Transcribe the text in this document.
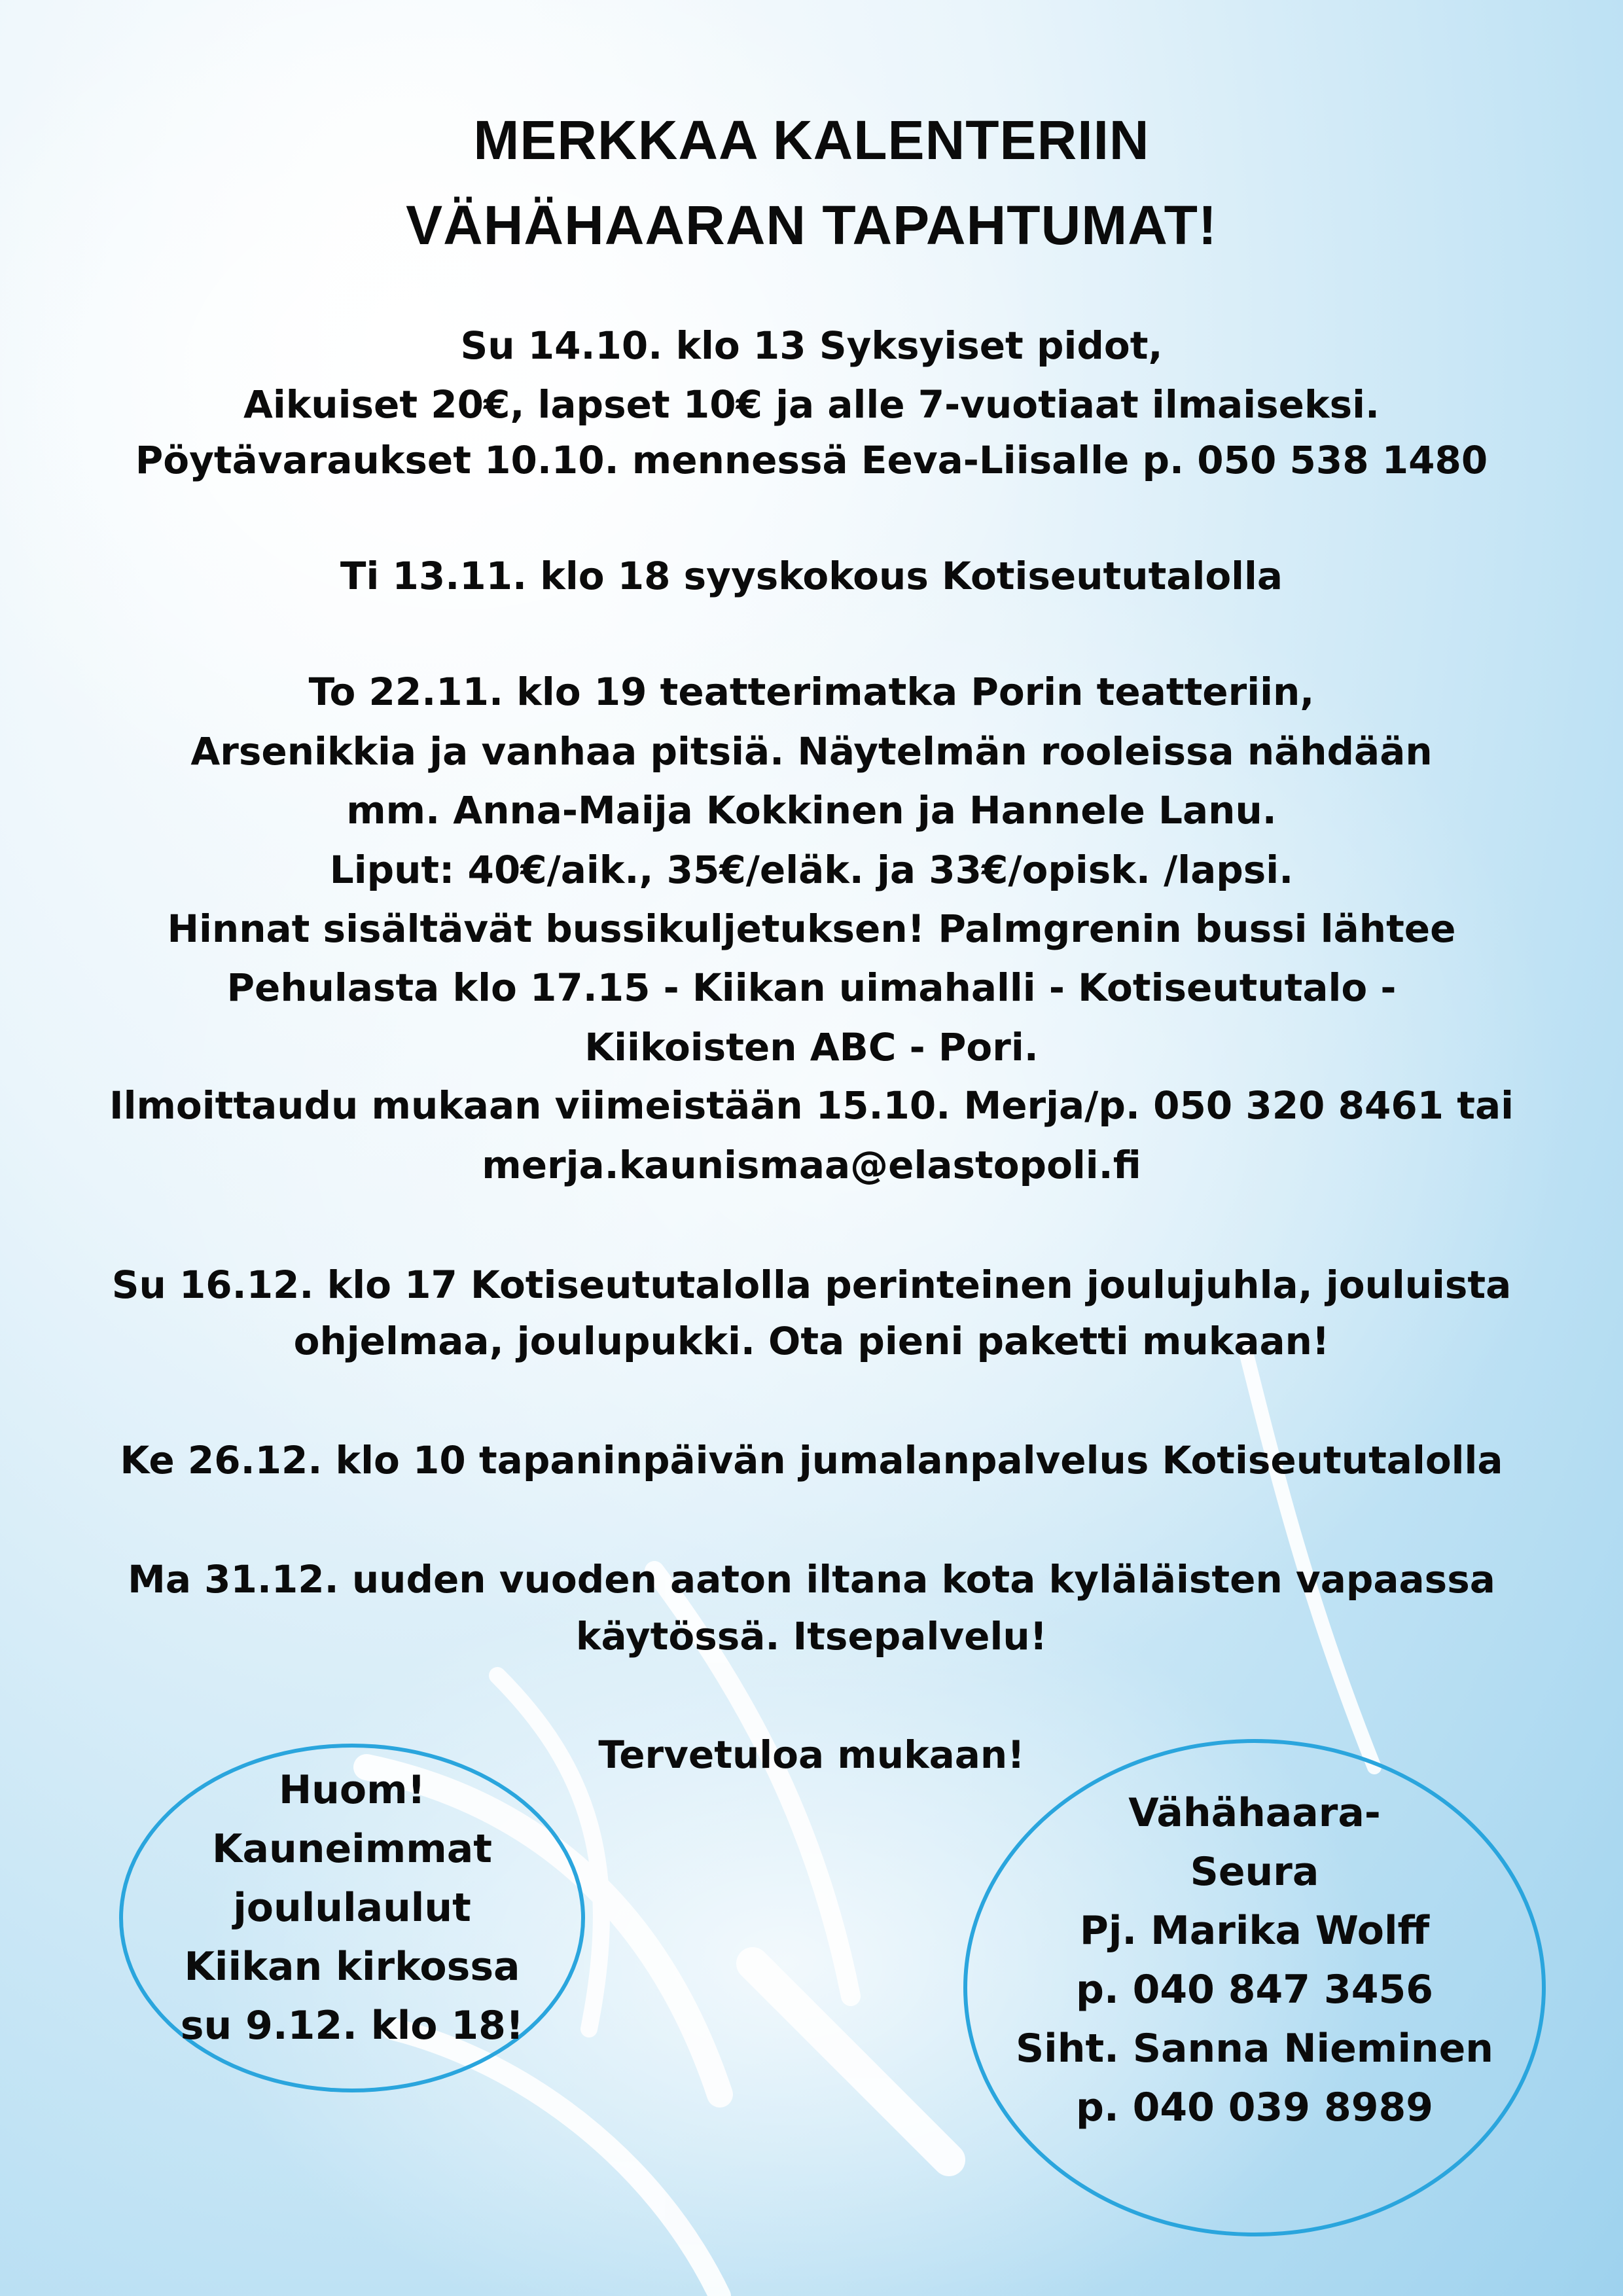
MERKKAA KALENTERIIN
VÄHÄHAARAN TAPAHTUMAT!
Su 14.10. klo 13 Syksyiset pidot,
Aikuiset 20€, lapset 10€ ja alle 7-vuotiaat ilmaiseksi.
Pöytävaraukset 10.10. mennessä Eeva-Liisalle p. 050 538 1480
Ti 13.11. klo 18 syyskokous Kotiseututalolla
To 22.11. klo 19 teatterimatka Porin teatteriin,
Arsenikkia ja vanhaa pitsiä. Näytelmän rooleissa nähdään
mm. Anna-Maija Kokkinen ja Hannele Lanu.
Liput: 40€/aik., 35€/eläk. ja 33€/opisk. /lapsi.
Hinnat sisältävät bussikuljetuksen! Palmgrenin bussi lähtee
Pehulasta klo 17.15 - Kiikan uimahalli - Kotiseututalo -
Kiikoisten ABC - Pori.
Ilmoittaudu mukaan viimeistään 15.10. Merja/p. 050 320 8461 tai
merja.kaunismaa@elastopoli.fi
Su 16.12. klo 17 Kotiseututalolla perinteinen joulujuhla, jouluista
ohjelmaa, joulupukki. Ota pieni paketti mukaan!
Ke 26.12. klo 10 tapaninpäivän jumalanpalvelus Kotiseututalolla
Ma 31.12. uuden vuoden aaton iltana kota kyläläisten vapaassa
käytössä. Itsepalvelu!
Tervetuloa mukaan!
Huom!
Kauneimmat
joululaulut
Kiikan kirkossa
su 9.12. klo 18!
Vähähaara-
Seura
Pj. Marika Wolff
p. 040 847 3456
Siht. Sanna Nieminen
p. 040 039 8989
